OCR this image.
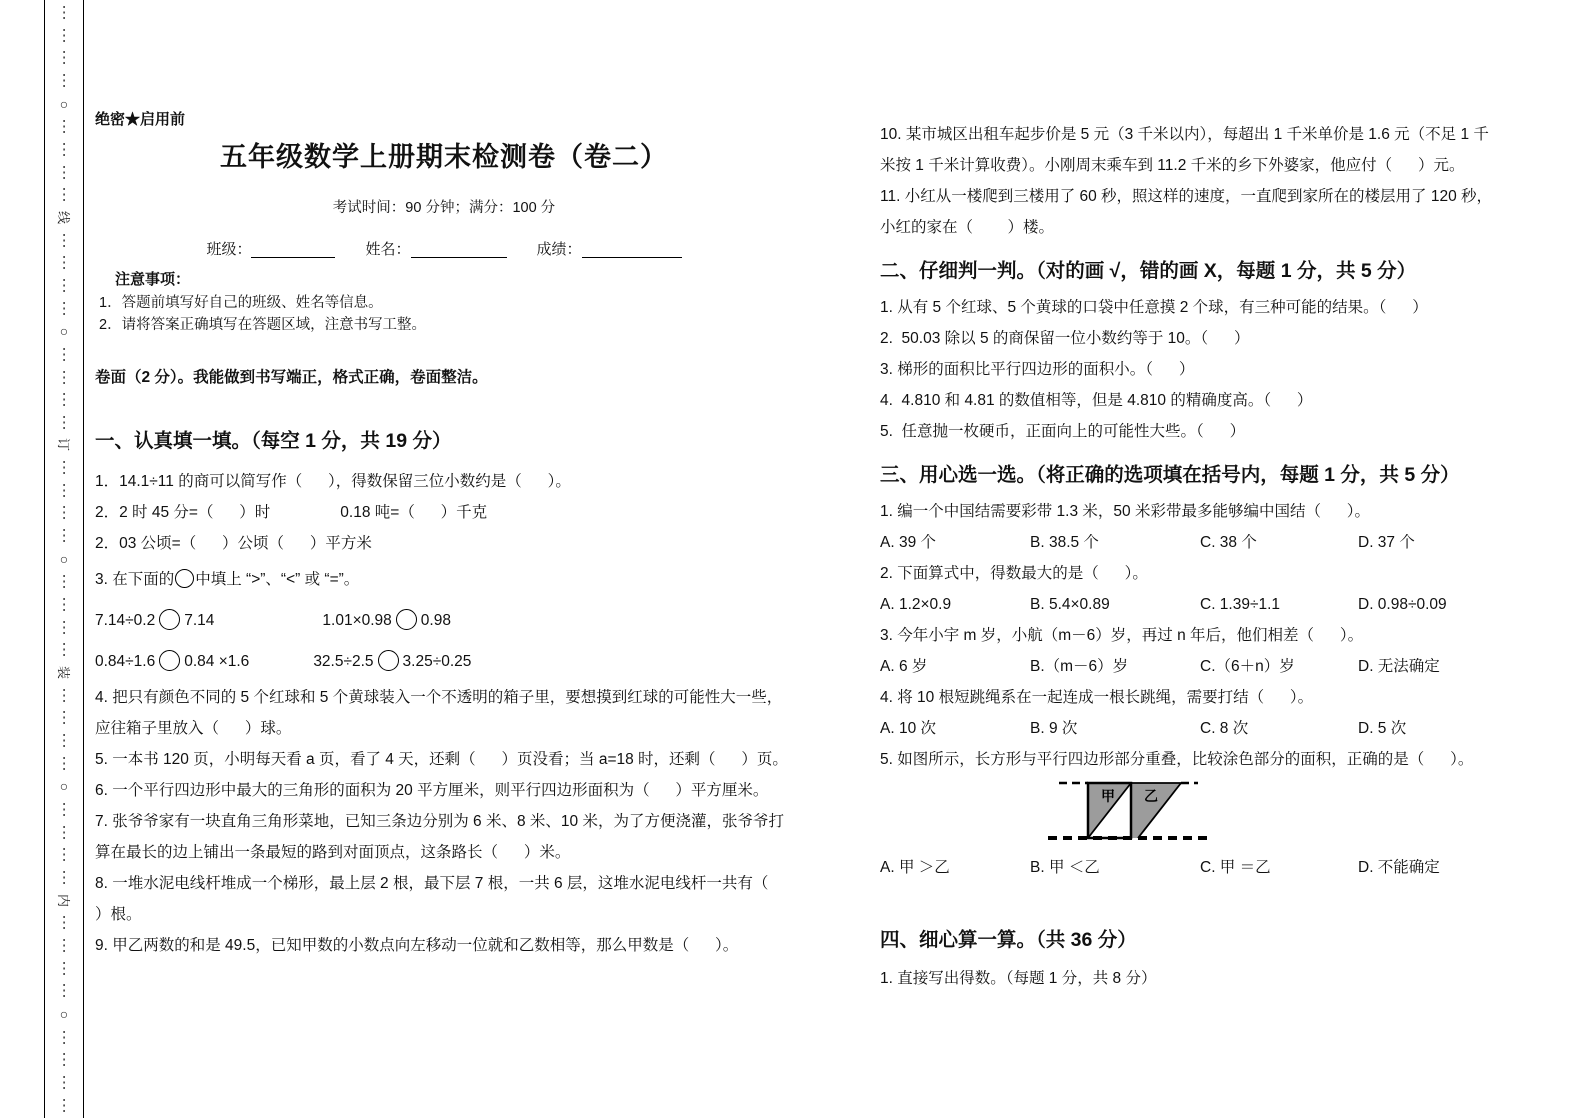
⋮
⋮
⋮
⋮
○
⋮
⋮
⋮
⋮
线
⋮
⋮
⋮
⋮
○
⋮
⋮
⋮
⋮
订
⋮
⋮
⋮
⋮
○
⋮
⋮
⋮
⋮
装
⋮
⋮
⋮
⋮
○
⋮
⋮
⋮
⋮
内
⋮
⋮
⋮
⋮
○
⋮
⋮
⋮
⋮
绝密★启用前
五年级数学上册期末检测卷（卷二）
考试时间：90 分钟；满分：100 分
班级：	姓名：	成绩：
注意事项：
1．答题前填写好自己的班级、姓名等信息。
2．请将答案正确填写在答题区域，注意书写工整。

卷面（2 分）。我能做到书写端正，格式正确，卷面整洁。

一、认真填一填。（每空 1 分，共 19 分）

1．14.1÷11 的商可以简写作（      ），得数保留三位小数约是（      ）。

2．2 时 45 分=（      ）时	0.18 吨=（      ）千克

2．03 公顷=（      ）公顷（      ）平方米

3. 在下面的 中填上 “>”、“<” 或 “=”。

7.14÷0.2 7.14	1.01×0.98 0.98

0.84÷1.6 0.84 ×1.6	32.5÷2.5 3.25÷0.25

4. 把只有颜色不同的 5 个红球和 5 个黄球装入一个不透明的箱子里，要想摸到红球的可能性大一些，应往箱子里放入（      ）球。

5. 一本书 120 页，小明每天看 a 页，看了 4 天，还剩（      ）页没看；当 a=18 时，还剩（      ）页。

6. 一个平行四边形中最大的三角形的面积为 20 平方厘米，则平行四边形面积为（      ）平方厘米。

7. 张爷爷家有一块直角三角形菜地，已知三条边分别为 6 米、8 米、10 米，为了方便浇灌，张爷爷打算在最长的边上铺出一条最短的路到对面顶点，这条路长（      ）米。

8. 一堆水泥电线杆堆成一个梯形，最上层 2 根，最下层 7 根，一共 6 层，这堆水泥电线杆一共有（      ）根。

9. 甲乙两数的和是 49.5，已知甲数的小数点向左移动一位就和乙数相等，那么甲数是（      ）。

10. 某市城区出租车起步价是 5 元（3 千米以内），每超出 1 千米单价是 1.6 元（不足 1 千米按 1 千米计算收费）。小刚周末乘车到 11.2 千米的乡下外婆家，他应付（      ）元。

11. 小红从一楼爬到三楼用了 60 秒，照这样的速度，一直爬到家所在的楼层用了 120 秒，小红的家在（        ）楼。

二、仔细判一判。（对的画 √，错的画 X，每题 1 分，共 5 分）

1. 从有 5 个红球、5 个黄球的口袋中任意摸 2 个球，有三种可能的结果。（      ）

2.  50.03 除以 5 的商保留一位小数约等于 10。（      ）

3. 梯形的面积比平行四边形的面积小。（      ）

4.  4.810 和 4.81 的数值相等，但是 4.810 的精确度高。（      ）

5.  任意抛一枚硬币，正面向上的可能性大些。（      ）

三、用心选一选。（将正确的选项填在括号内，每题 1 分，共 5 分）

1. 编一个中国结需要彩带 1.3 米，50 米彩带最多能够编中国结（      ）。

A. 39 个	B. 38.5 个	C. 38 个	D. 37 个

2. 下面算式中，得数最大的是（      ）。

A. 1.2×0.9	B. 5.4×0.89	C. 1.39÷1.1	D. 0.98÷0.09

3. 今年小宇 m 岁，小航（m－6）岁，再过 n 年后，他们相差（      ）。

A. 6 岁	B.（m－6）岁	C.（6＋n）岁	D. 无法确定

4. 将 10 根短跳绳系在一起连成一根长跳绳，需要打结（      ）。

A. 10 次	B. 9 次	C. 8 次	D. 5 次

5. 如图所示，长方形与平行四边形部分重叠，比较涂色部分的面积，正确的是（      ）。

甲 乙
A. 甲 ＞乙	B. 甲 ＜乙	C. 甲 ＝乙	D. 不能确定
四、细心算一算。（共 36 分）

1. 直接写出得数。（每题 1 分，共 8 分）
